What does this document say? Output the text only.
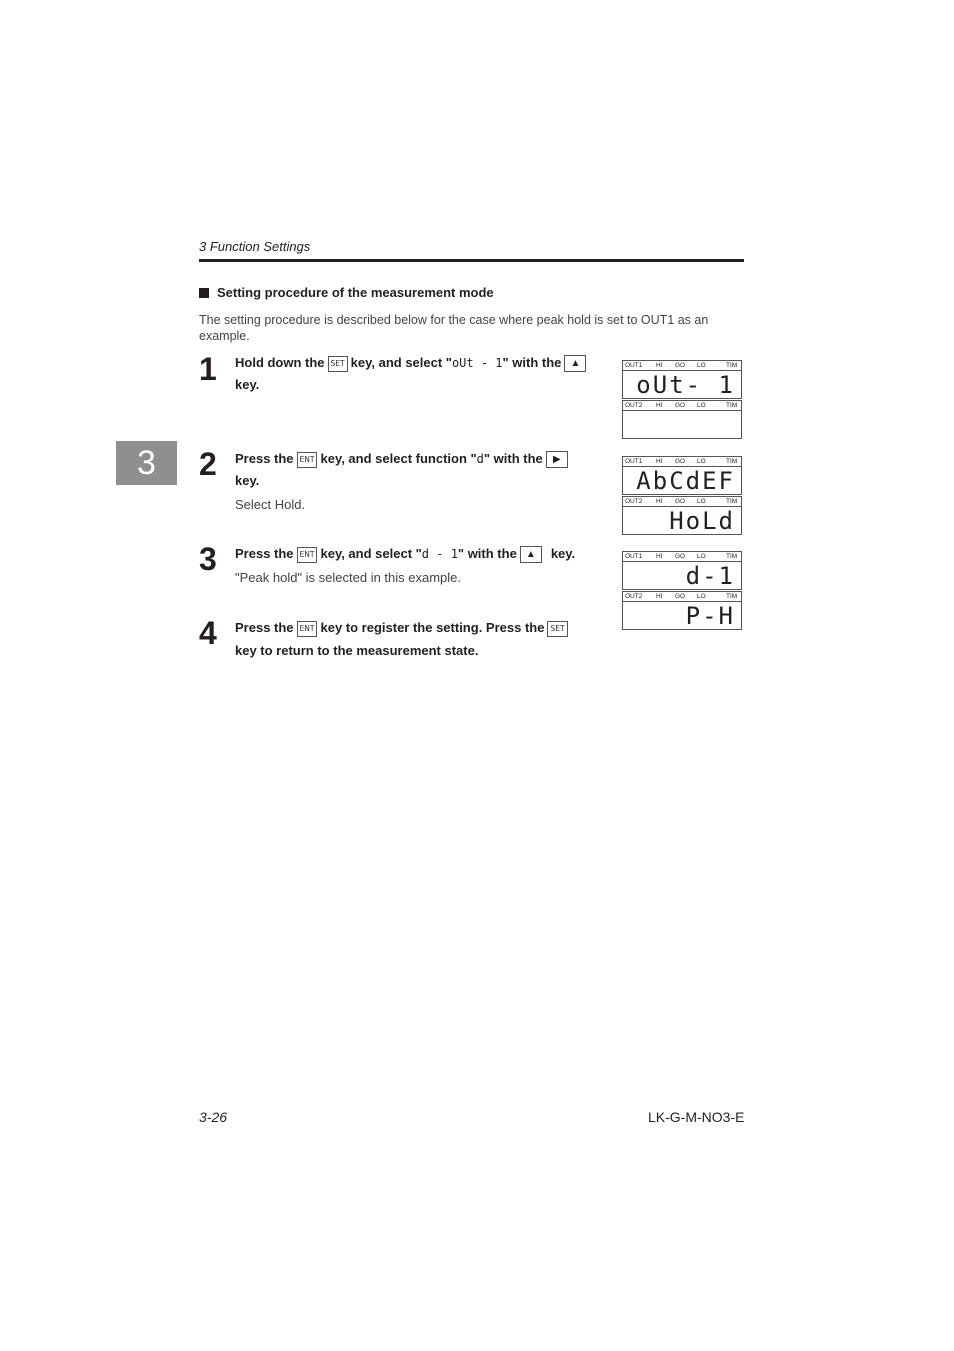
3 Function Settings
3
Setting procedure of the measurement mode
The setting procedure is described below for the case where peak hold is set to OUT1 as an example.
1 Hold down the SET key, and select "oUt - 1" with the ▲
key.
2 Press the ENT key, and select function "d" with the ▶
key.
Select Hold.
3 Press the ENT key, and select "d - 1" with the ▲ key.
"Peak hold" is selected in this example.
4 Press the ENT key to register the setting. Press the SET
key to return to the measurement state.
OUT1 HI GO LO	TIM
oUt- 1
OUT2 HI GO LO	TIM
OUT1 HI GO LO	TIM
AbCdEF
OUT2 HI GO LO	TIM
HoLd
OUT1 HI GO LO	TIM
d-1
OUT2 HI GO LO	TIM
P-H
3-26	LK-G-M-NO3-E
